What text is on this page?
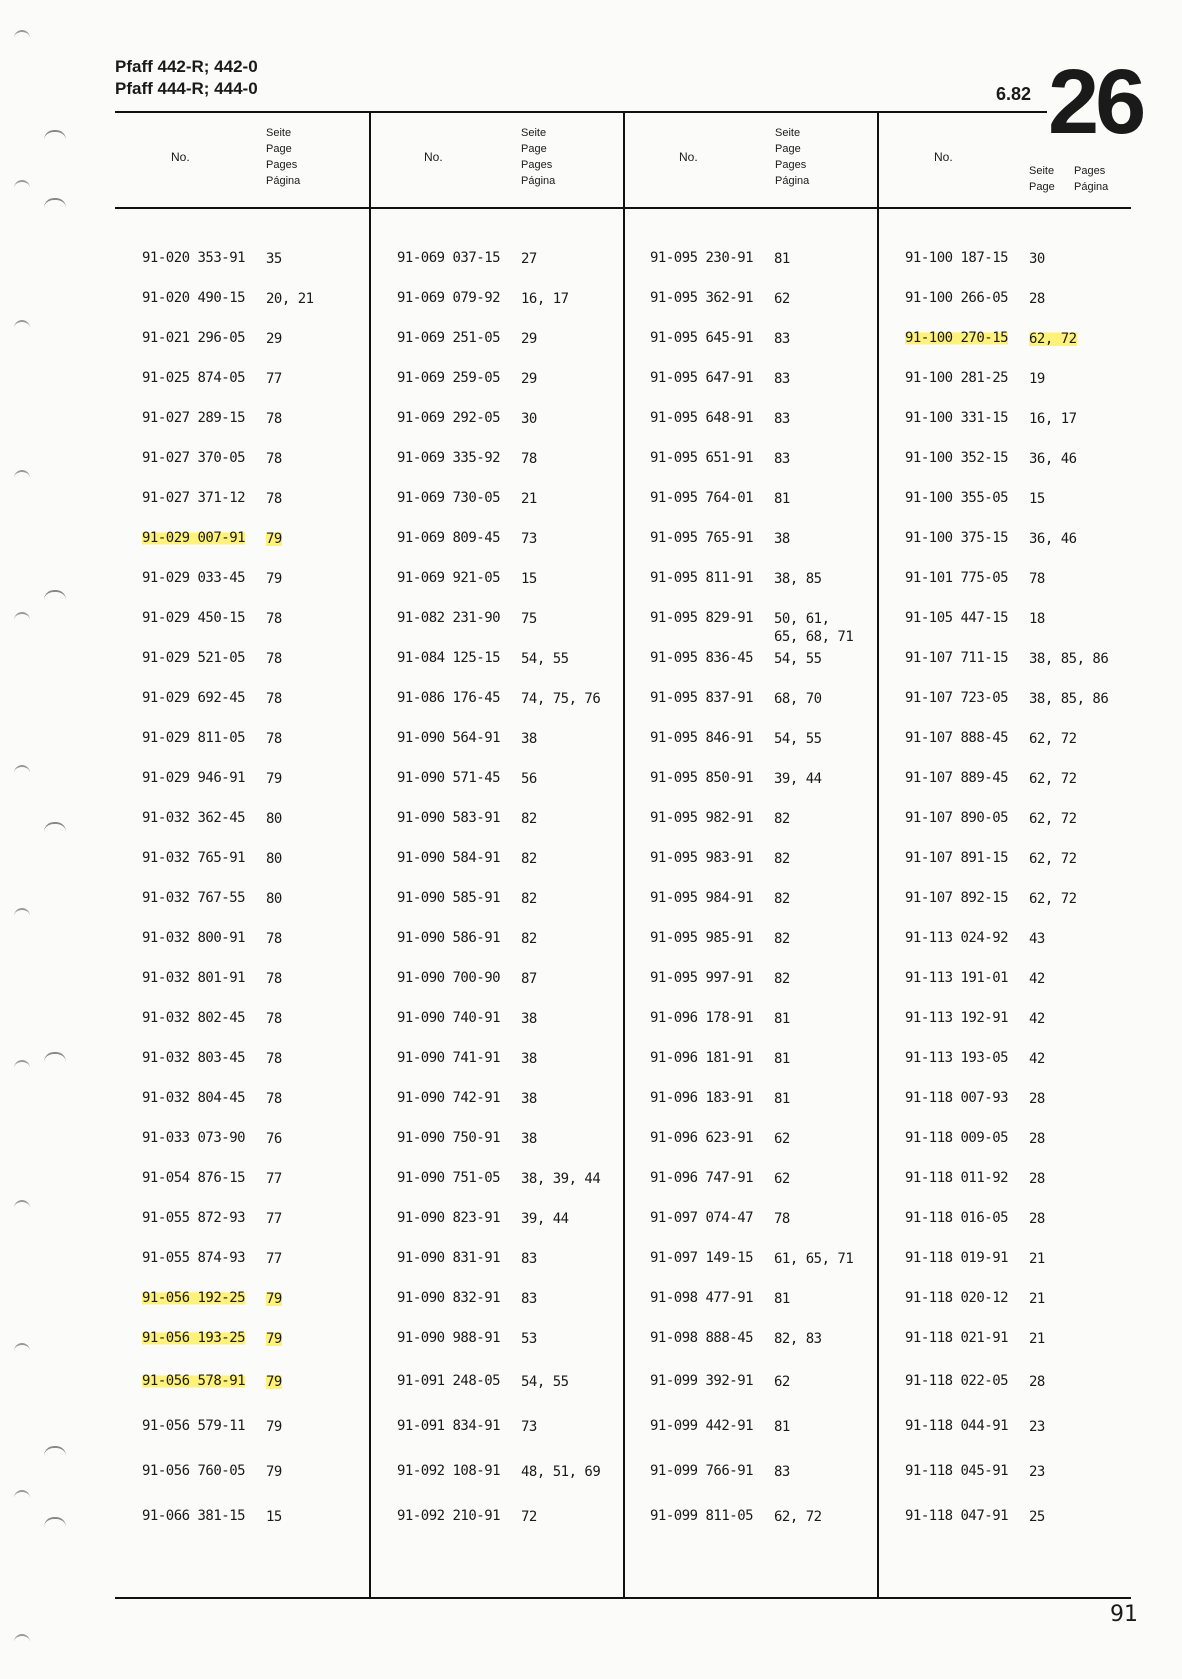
Pfaff 442-R; 442-0
Pfaff 444-R; 444-0	6.82 26
No.
Seite
Page
Pages
Página
No.
Seite
Page
Pages
Página
No.
Seite
Page
Pages
Página
No.
Seite
Page
Pages
Página
91-020 353-91 35
91-020 490-15 20, 21
91-021 296-05 29
91-025 874-05 77
91-027 289-15 78
91-027 370-05 78
91-027 371-12 78
91-029 007-91 79
91-029 033-45 79
91-029 450-15 78
91-029 521-05 78
91-029 692-45 78
91-029 811-05 78
91-029 946-91 79
91-032 362-45 80
91-032 765-91 80
91-032 767-55 80
91-032 800-91 78
91-032 801-91 78
91-032 802-45 78
91-032 803-45 78
91-032 804-45 78
91-033 073-90 76
91-054 876-15 77
91-055 872-93 77
91-055 874-93 77
91-056 192-25 79
91-056 193-25 79
91-056 578-91 79
91-056 579-11 79
91-056 760-05 79
91-066 381-15 15
91-069 037-15 27
91-069 079-92 16, 17
91-069 251-05 29
91-069 259-05 29
91-069 292-05 30
91-069 335-92 78
91-069 730-05 21
91-069 809-45 73
91-069 921-05 15
91-082 231-90 75
91-084 125-15 54, 55
91-086 176-45 74, 75, 76
91-090 564-91 38
91-090 571-45 56
91-090 583-91 82
91-090 584-91 82
91-090 585-91 82
91-090 586-91 82
91-090 700-90 87
91-090 740-91 38
91-090 741-91 38
91-090 742-91 38
91-090 750-91 38
91-090 751-05 38, 39, 44
91-090 823-91 39, 44
91-090 831-91 83
91-090 832-91 83
91-090 988-91 53
91-091 248-05 54, 55
91-091 834-91 73
91-092 108-91 48, 51, 69
91-092 210-91 72
91-095 230-91 81
91-095 362-91 62
91-095 645-91 83
91-095 647-91 83
91-095 648-91 83
91-095 651-91 83
91-095 764-01 81
91-095 765-91 38
91-095 811-91 38, 85
91-095 829-91 50, 61, 65, 68, 71
91-095 836-45 54, 55
91-095 837-91 68, 70
91-095 846-91 54, 55
91-095 850-91 39, 44
91-095 982-91 82
91-095 983-91 82
91-095 984-91 82
91-095 985-91 82
91-095 997-91 82
91-096 178-91 81
91-096 181-91 81
91-096 183-91 81
91-096 623-91 62
91-096 747-91 62
91-097 074-47 78
91-097 149-15 61, 65, 71
91-098 477-91 81
91-098 888-45 82, 83
91-099 392-91 62
91-099 442-91 81
91-099 766-91 83
91-099 811-05 62, 72
91-100 187-15 30
91-100 266-05 28
91-100 270-15 62, 72
91-100 281-25 19
91-100 331-15 16, 17
91-100 352-15 36, 46
91-100 355-05 15
91-100 375-15 36, 46
91-101 775-05 78
91-105 447-15 18
91-107 711-15 38, 85, 86
91-107 723-05 38, 85, 86
91-107 888-45 62, 72
91-107 889-45 62, 72
91-107 890-05 62, 72
91-107 891-15 62, 72
91-107 892-15 62, 72
91-113 024-92 43
91-113 191-01 42
91-113 192-91 42
91-113 193-05 42
91-118 007-93 28
91-118 009-05 28
91-118 011-92 28
91-118 016-05 28
91-118 019-91 21
91-118 020-12 21
91-118 021-91 21
91-118 022-05 28
91-118 044-91 23
91-118 045-91 23
91-118 047-91 25
91
